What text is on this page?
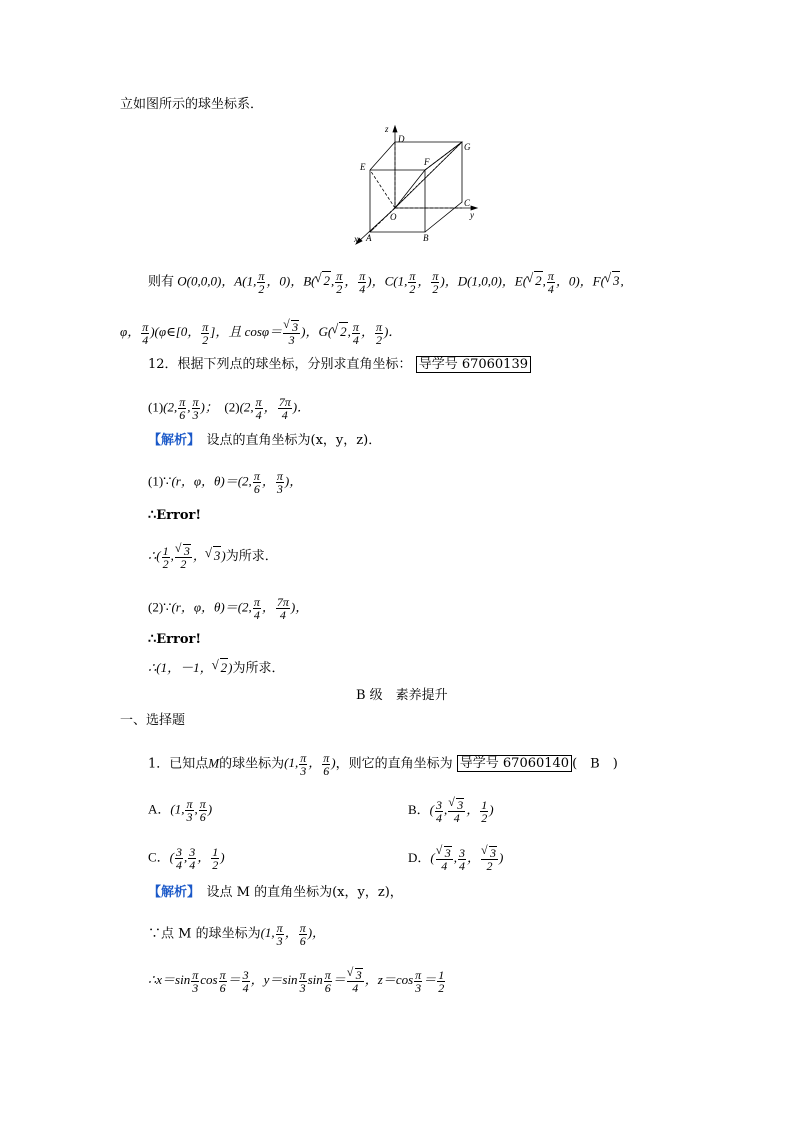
立如图所示的球坐标系．
z
D
G
E	F
O
C
y
x A	B
则有 O(0,0,0)，A(1, $\frac{\pi}{2}$ ，0)，B( √ 2, $\frac{\pi}{2}$ ， $\frac{\pi}{4}$ )，C(1, $\frac{\pi}{2}$ ， $\frac{\pi}{2}$ )，D(1,0,0)，E( √ 2, $\frac{\pi}{4}$ ，0)，F( √ 3,
φ， $\frac{\pi}{4}$ )(φ∈[0， $\frac{\pi}{2}$ ]，且 cosφ＝ √ $\frac{3}{3}$ )，G( √ 2, $\frac{\pi}{4}$ ， $\frac{\pi}{2}$ )．
12．根据下列点的球坐标，分别求直角坐标： 导学号 67060139
(1)(2, $\frac{\pi}{6}$ , $\frac{\pi}{3}$ )；　(2)(2, $\frac{\pi}{4}$ ， $\frac{7\pi}{4}$ )．
【解析】　 设点的直角坐标为(x，y，z)．
(1)∵(r，φ，θ)＝(2, $\frac{\pi}{6}$ ， $\frac{\pi}{3}$ )，
∴Error!
∴( $\frac{1}{2}$ , √ $\frac{3}{2}$ ， √ 3)为所求．
(2)∵(r，φ，θ)＝(2, $\frac{\pi}{4}$ ， $\frac{7\pi}{4}$ )，
∴Error!
∴(1，－1， √ 2)为所求．
B 级　素养提升
一、选择题
1．已知点M的球坐标为(1, $\frac{\pi}{3}$ ， $\frac{\pi}{6}$ )，则它的直角坐标为 导学号 67060140 (　B　)
A．(1, $\frac{\pi}{3}$ , $\frac{\pi}{6}$ )	B．( $\frac{3}{4}$ , √ $\frac{3}{4}$ ， $\frac{1}{2}$ )
C．( $\frac{3}{4}$ , $\frac{3}{4}$ ， $\frac{1}{2}$ )	D．( √ $\frac{3}{4}$ , $\frac{3}{4}$ ， √ $\frac{3}{2}$ )
【解析】　 设点 M 的直角坐标为(x，y，z)，
∵点 M 的球坐标为(1, $\frac{\pi}{3}$ ， $\frac{\pi}{6}$ )，
∴x＝sin $\frac{\pi}{3}$ $\cos \frac{\pi}{6} = \frac{3}{4}$ ，$y=\sin \frac{\pi}{3}$ $\sin \frac{\pi}{6}$ ＝ √ $\frac{3}{4}$ ，$z=\cos \frac{\pi}{3} = \frac{1}{2}$
